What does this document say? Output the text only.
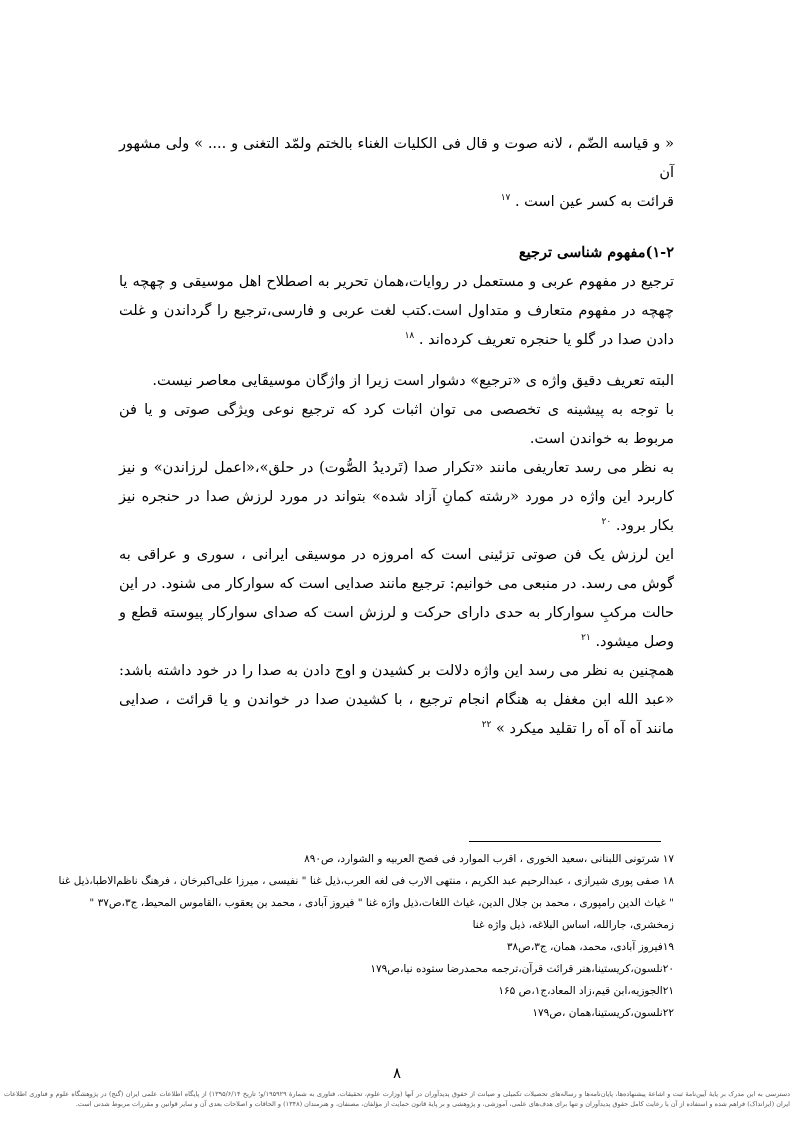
« و قیاسه الضّم ، لانه صوت و قال فی الکلیات الغناء بالختم ولمّد التغنی و .... » ولی مشهور آن

قرائت به کسر عین است . $^{۱۷}$

۱-۲)مفهوم شناسی ترجیع

ترجیع در مفهوم عربی و مستعمل در روایات،همان تحریر به اصطلاح اهل موسیقی و چهچه یا چهچه در مفهوم متعارف و متداول است.کتب لغت عربی و فارسی،ترجیع را گرداندن و غلت دادن صدا در گلو یا حنجره تعریف کرده‌اند . $^{۱۸}$

البته تعریف دقیق واژه ی «ترجیع» دشوار است زیرا از واژگان موسیقایی معاصر نیست.

با توجه به پیشینه ی تخصصی می توان اثبات کرد که ترجیع نوعی ویژگی صوتی و یا فن مربوط به خواندن است.

به نظر می رسد تعاریفی مانند «تکرار صدا (تَردیدُ الصُّوت) در حلق»،«اعمل لرزاندن» و نیز کاربرد این واژه در مورد «رشته کمانِ آزاد شده» بتواند در مورد لرزش صدا در حنجره نیز بکار برود. $^{۲۰}$

این لرزش یک فن صوتی تزئینی است که امروزه در موسیقی ایرانی ، سوری و عراقی به گوش می رسد. در منبعی می خوانیم: ترجیع مانند صدایی است که سوارکار می شنود. در این حالت مرکبِ سوارکار به حدی دارای حرکت و لرزش است که صدای سوارکار پیوسته قطع و وصل میشود. $^{۲۱}$

همچنین به نظر می رسد این واژه دلالت بر کشیدن و اوج دادن به صدا را در خود داشته باشد: «عبد الله ابن مغفل به هنگام انجام ترجیع ، با کشیدن صدا در خواندن و یا قرائت ، صدایی مانند آه آه آه را تقلید میکرد » $^{۲۲}$

۱۷ شرتونی اللبنانی ،سعید الخوری ، اقرب الموارد فی فصح العربیه و الشوارد، ص۸۹۰
۱۸ صفی پوری شیرازی ، عبدالرحیم عبد الکریم ، منتهی الارب فی لغه العرب،ذیل غنا " نفیسی ، میرزا علی‌اکبرخان ، فرهنگ ناظم‌الاطبا،ذیل غنا
" غیاث الدین رامپوری ، محمد بن جلال الدین، غیاث اللغات،ذیل واژه غنا " فیروز آبادی ، محمد بن یعقوب ،القاموس المحیط، ج۳،ص۳۷ "
زمخشری، جارالله، اساس البلاغه، ذیل واژه غنا
۱۹فیروز آبادی، محمد، همان، ج۳،ص۳۸
۲۰نلسون،کریستینا،هنر قرائت قرآن،ترجمه محمدرضا ستوده نیا،ص۱۷۹
۲۱الجوزیه،ابن قیم،زاد المعاد،ج۱،ص ۱۶۵
۲۲نلسون،کریستینا،همان ،ص۱۷۹
۸
دسترسی به این مدرک بر پایهٔ آیین‌نامهٔ ثبت و اشاعهٔ پیشنهاده‌ها، پایان‌نامه‌ها و رساله‌های تحصیلات تکمیلی و صیانت از حقوق پدیدآوران در آنها (وزارت علوم، تحقیقات، فناوری به شمارهٔ ۱۹۵۹۲۹/و؛ تاریخ ۱۳۹۵/۶/۱۴) از پایگاه اطلاعات علمی ایران (گنج) در پژوهشگاه علوم و فناوری اطلاعات ایران (ایرانداک) فراهم شده و استفاده از آن با رعایت کامل حقوق پدیدآوران و تنها برای هدف‌های علمی، آموزشی، و پژوهشی و بر پایهٔ قانون حمایت از مؤلفان، مصنفان، و هنرمندان (۱۳۴۸) و الحاقات و اصلاحات بعدی آن و سایر قوانین و مقررات مربوط شدنی است.
